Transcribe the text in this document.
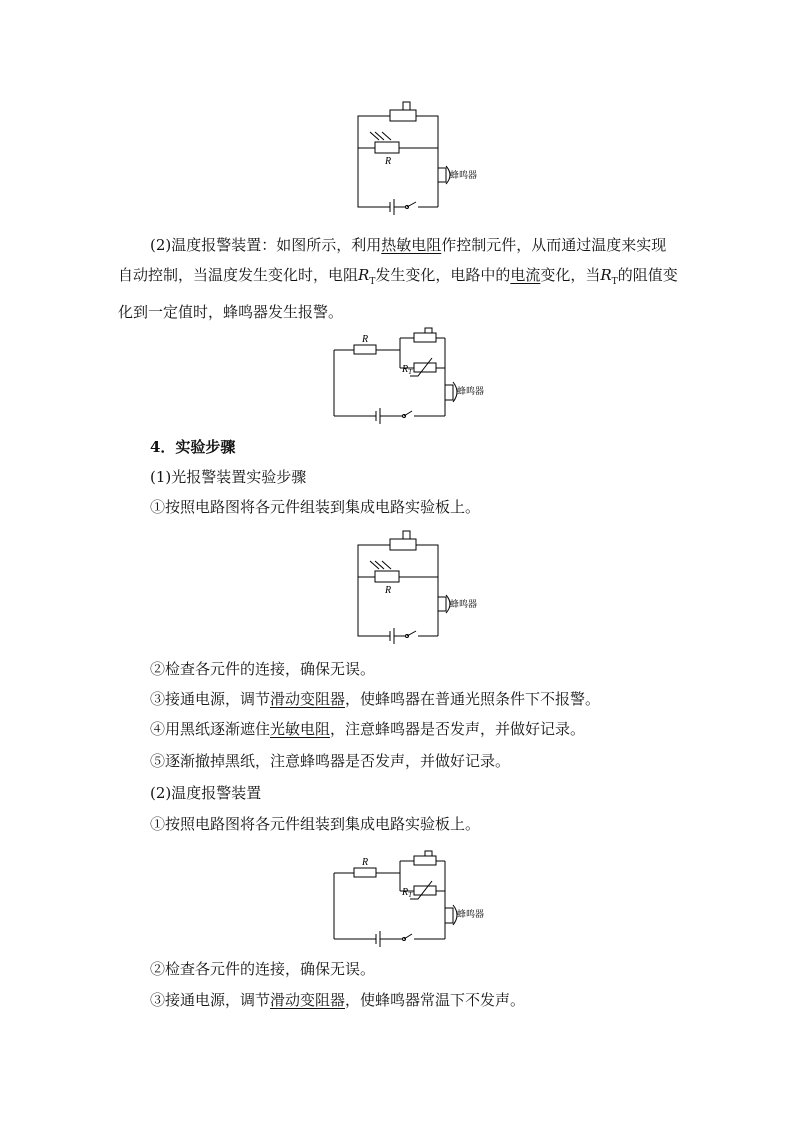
R
蜂鸣器

(2)温度报警装置：如图所示，利用热敏电阻作控制元件，从而通过温度来实现自动控制，当温度发生变化时，电阻$R_T$发生变化，电路中的电流变化，当$R_T$的阻值变化到一定值时，蜂鸣器发生报警。

R
$R_T$
蜂鸣器

4．实验步骤

(1)光报警装置实验步骤

①按照电路图将各元件组装到集成电路实验板上。

R
蜂鸣器

②检查各元件的连接，确保无误。

③接通电源，调节滑动变阻器，使蜂鸣器在普通光照条件下不报警。

④用黑纸逐渐遮住光敏电阻，注意蜂鸣器是否发声，并做好记录。

⑤逐渐撤掉黑纸，注意蜂鸣器是否发声，并做好记录。

(2)温度报警装置

①按照电路图将各元件组装到集成电路实验板上。

R
$R_T$
蜂鸣器

②检查各元件的连接，确保无误。

③接通电源，调节滑动变阻器，使蜂鸣器常温下不发声。
